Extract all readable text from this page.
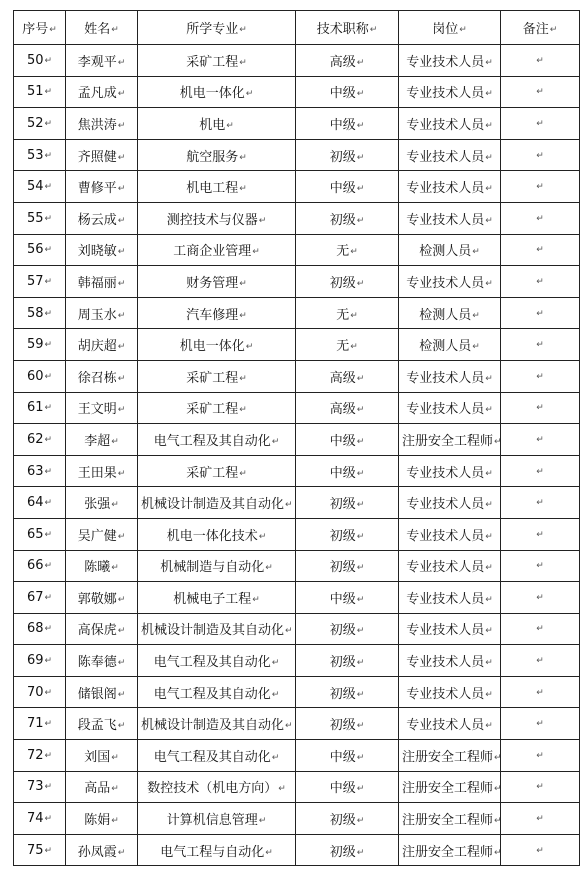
序号↵	姓名↵	所学专业↵	技术职称↵	岗位↵	备注↵
50↵	李观平↵	采矿工程↵	高级↵	专业技术人员↵	↵
51↵	孟凡成↵	机电一体化↵	中级↵	专业技术人员↵	↵
52↵	焦洪涛↵	机电↵	中级↵	专业技术人员↵	↵
53↵	齐照健↵	航空服务↵	初级↵	专业技术人员↵	↵
54↵	曹修平↵	机电工程↵	中级↵	专业技术人员↵	↵
55↵	杨云成↵	测控技术与仪器↵	初级↵	专业技术人员↵	↵
56↵	刘晓敏↵	工商企业管理↵	无↵	检测人员↵	↵
57↵	韩福丽↵	财务管理↵	初级↵	专业技术人员↵	↵
58↵	周玉水↵	汽车修理↵	无↵	检测人员↵	↵
59↵	胡庆超↵	机电一体化↵	无↵	检测人员↵	↵
60↵	徐召栋↵	采矿工程↵	高级↵	专业技术人员↵	↵
61↵	王文明↵	采矿工程↵	高级↵	专业技术人员↵	↵
62↵	李超↵	电气工程及其自动化↵	中级↵	注册安全工程师↵	↵
63↵	王田果↵	采矿工程↵	中级↵	专业技术人员↵	↵
64↵	张强↵	机械设计制造及其自动化↵	初级↵	专业技术人员↵	↵
65↵	吴广健↵	机电一体化技术↵	初级↵	专业技术人员↵	↵
66↵	陈曦↵	机械制造与自动化↵	初级↵	专业技术人员↵	↵
67↵	郭敬娜↵	机械电子工程↵	中级↵	专业技术人员↵	↵
68↵	高保虎↵	机械设计制造及其自动化↵	初级↵	专业技术人员↵	↵
69↵	陈奉德↵	电气工程及其自动化↵	初级↵	专业技术人员↵	↵
70↵	储银阁↵	电气工程及其自动化↵	初级↵	专业技术人员↵	↵
71↵	段孟飞↵	机械设计制造及其自动化↵	初级↵	专业技术人员↵	↵
72↵	刘国↵	电气工程及其自动化↵	中级↵	注册安全工程师↵	↵
73↵	高品↵	数控技术（机电方向）↵	中级↵	注册安全工程师↵	↵
74↵	陈娟↵	计算机信息管理↵	初级↵	注册安全工程师↵	↵
75↵	孙凤霞↵	电气工程与自动化↵	初级↵	注册安全工程师↵	↵
